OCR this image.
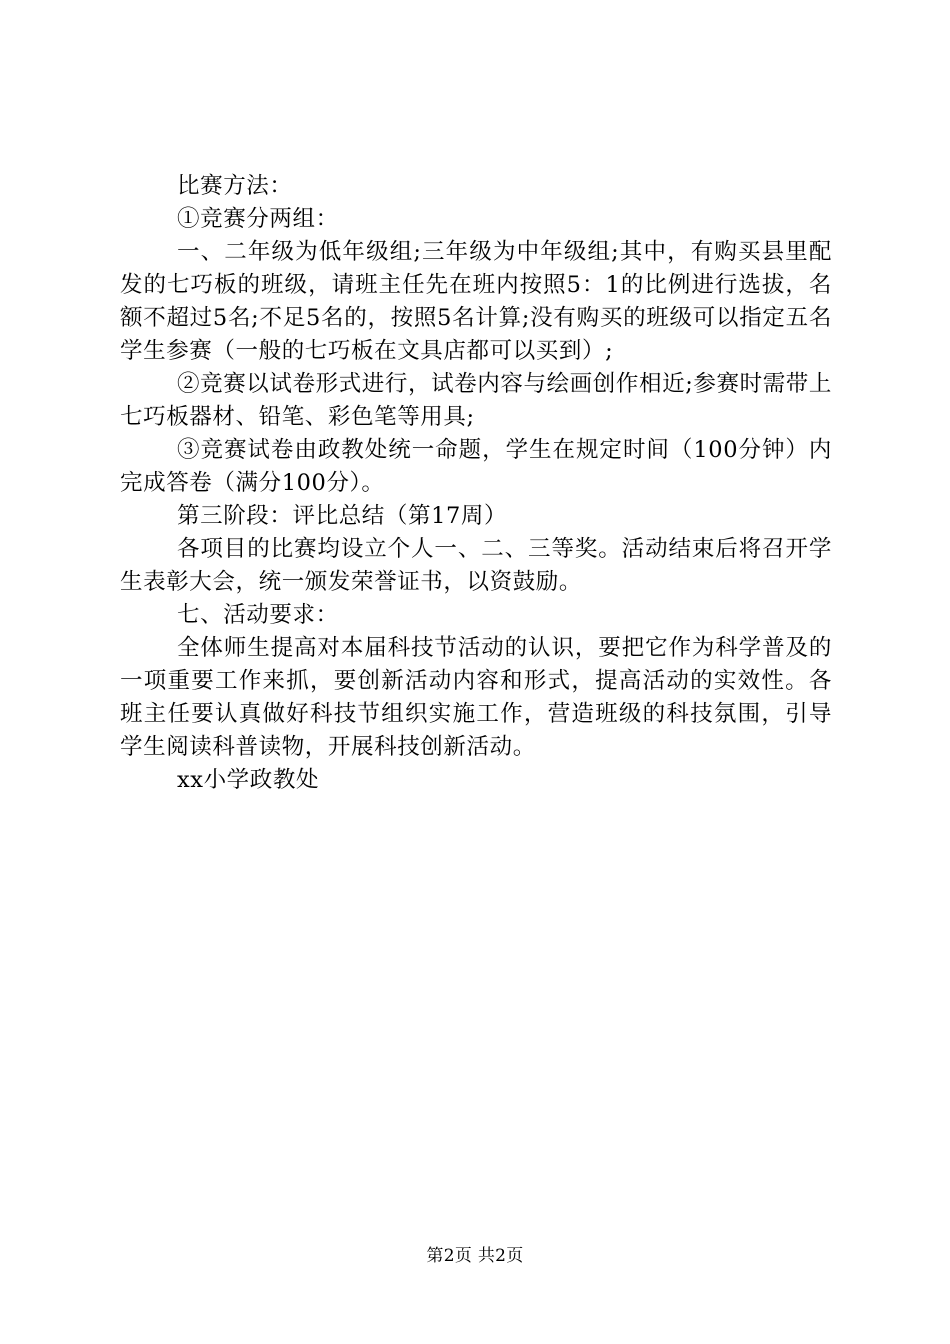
比赛方法：

①竞赛分两组：

一、二年级为低年级组;三年级为中年级组;其中，有购买县里配发的七巧板的班级，请班主任先在班内按照5：1的比例进行选拔，名额不超过5名;不足5名的，按照5名计算;没有购买的班级可以指定五名学生参赛（一般的七巧板在文具店都可以买到）;

②竞赛以试卷形式进行，试卷内容与绘画创作相近;参赛时需带上七巧板器材、铅笔、彩色笔等用具;

③竞赛试卷由政教处统一命题，学生在规定时间（100分钟）内完成答卷（满分100分）。

第三阶段：评比总结（第17周）

各项目的比赛均设立个人一、二、三等奖。活动结束后将召开学生表彰大会，统一颁发荣誉证书，以资鼓励。

七、活动要求：

全体师生提高对本届科技节活动的认识，要把它作为科学普及的一项重要工作来抓，要创新活动内容和形式，提高活动的实效性。各班主任要认真做好科技节组织实施工作，营造班级的科技氛围，引导学生阅读科普读物，开展科技创新活动。

xx小学政教处

第2页 共2页
